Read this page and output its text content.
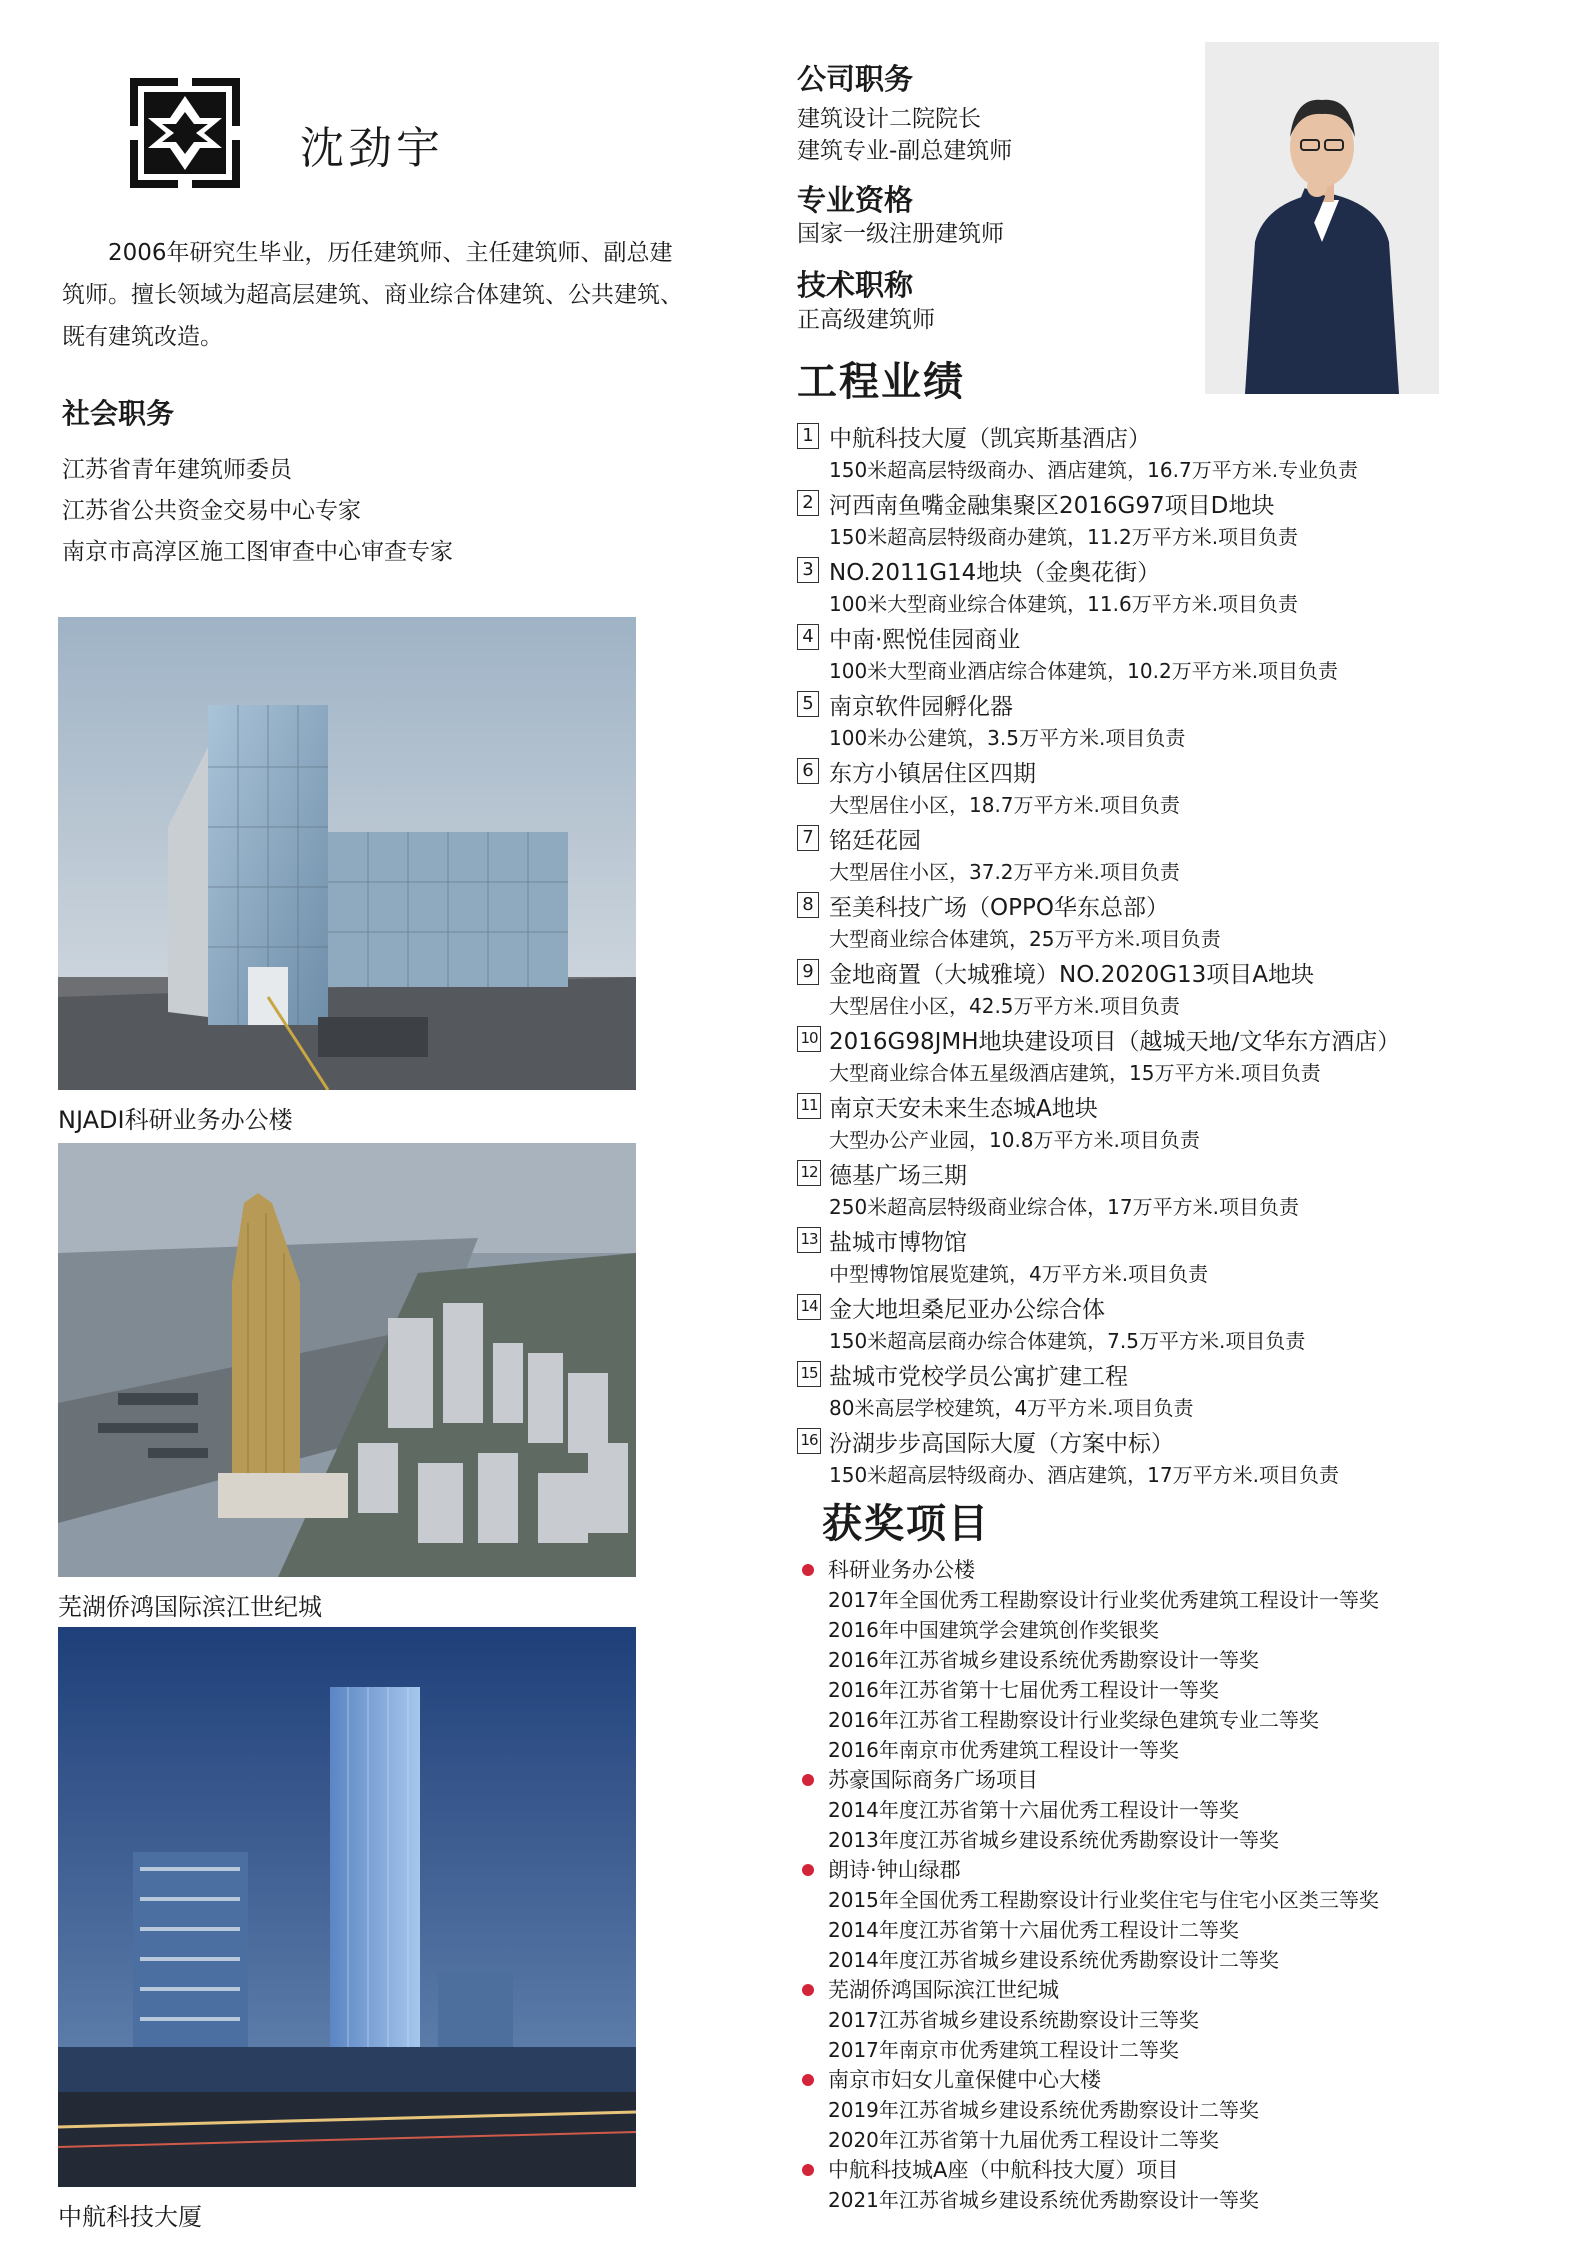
沈劲宇
2006年研究生毕业，历任建筑师、主任建筑师、副总建筑师。擅长领域为超高层建筑、商业综合体建筑、公共建筑、既有建筑改造。
社会职务
江苏省青年建筑师委员
江苏省公共资金交易中心专家
南京市高淳区施工图审查中心审查专家
NJADI科研业务办公楼
芜湖侨鸿国际滨江世纪城
中航科技大厦
公司职务
建筑设计二院院长
建筑专业-副总建筑师
专业资格
国家一级注册建筑师
技术职称
正高级建筑师
工程业绩
1 中航科技大厦（凯宾斯基酒店）
150米超高层特级商办、酒店建筑，16.7万平方米.专业负责
2 河西南鱼嘴金融集聚区2016G97项目D地块
150米超高层特级商办建筑，11.2万平方米.项目负责
3 NO.2011G14地块（金奥花街）
100米大型商业综合体建筑，11.6万平方米.项目负责
4 中南·熙悦佳园商业
100米大型商业酒店综合体建筑，10.2万平方米.项目负责
5 南京软件园孵化器
100米办公建筑，3.5万平方米.项目负责
6 东方小镇居住区四期
大型居住小区，18.7万平方米.项目负责
7 铭廷花园
大型居住小区，37.2万平方米.项目负责
8 至美科技广场（OPPO华东总部）
大型商业综合体建筑，25万平方米.项目负责
9 金地商置（大城雅境）NO.2020G13项目A地块
大型居住小区，42.5万平方米.项目负责
10 2016G98JMH地块建设项目（越城天地/文华东方酒店）
大型商业综合体五星级酒店建筑，15万平方米.项目负责
11 南京天安未来生态城A地块
大型办公产业园，10.8万平方米.项目负责
12 德基广场三期
250米超高层特级商业综合体，17万平方米.项目负责
13 盐城市博物馆
中型博物馆展览建筑，4万平方米.项目负责
14 金大地坦桑尼亚办公综合体
150米超高层商办综合体建筑，7.5万平方米.项目负责
15 盐城市党校学员公寓扩建工程
80米高层学校建筑，4万平方米.项目负责
16 汾湖步步高国际大厦（方案中标）
150米超高层特级商办、酒店建筑，17万平方米.项目负责
获奖项目
科研业务办公楼
2017年全国优秀工程勘察设计行业奖优秀建筑工程设计一等奖
2016年中国建筑学会建筑创作奖银奖
2016年江苏省城乡建设系统优秀勘察设计一等奖
2016年江苏省第十七届优秀工程设计一等奖
2016年江苏省工程勘察设计行业奖绿色建筑专业二等奖
2016年南京市优秀建筑工程设计一等奖
苏豪国际商务广场项目
2014年度江苏省第十六届优秀工程设计一等奖
2013年度江苏省城乡建设系统优秀勘察设计一等奖
朗诗·钟山绿郡
2015年全国优秀工程勘察设计行业奖住宅与住宅小区类三等奖
2014年度江苏省第十六届优秀工程设计二等奖
2014年度江苏省城乡建设系统优秀勘察设计二等奖
芜湖侨鸿国际滨江世纪城
2017江苏省城乡建设系统勘察设计三等奖
2017年南京市优秀建筑工程设计二等奖
南京市妇女儿童保健中心大楼
2019年江苏省城乡建设系统优秀勘察设计二等奖
2020年江苏省第十九届优秀工程设计二等奖
中航科技城A座（中航科技大厦）项目
2021年江苏省城乡建设系统优秀勘察设计一等奖
